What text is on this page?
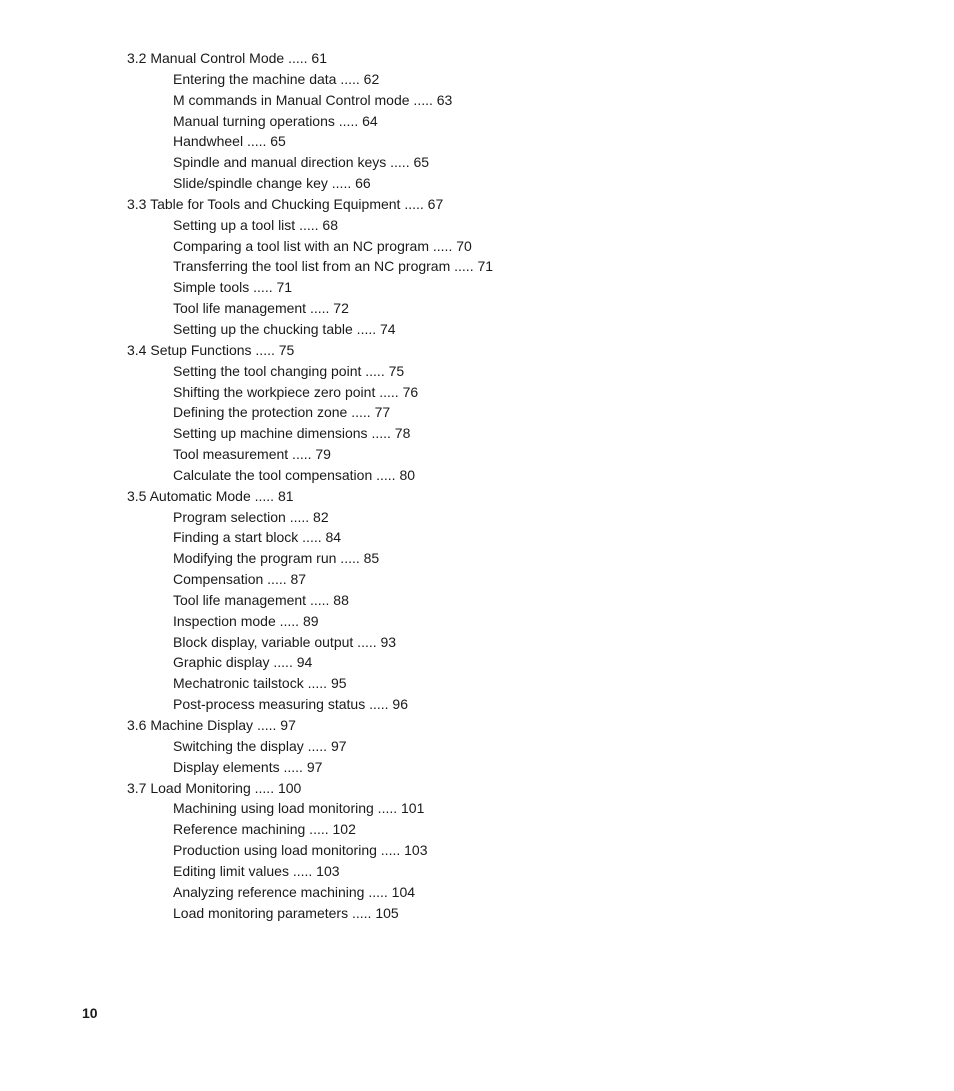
3.2 Manual Control Mode ..... 61
Entering the machine data ..... 62
M commands in Manual Control mode ..... 63
Manual turning operations ..... 64
Handwheel ..... 65
Spindle and manual direction keys ..... 65
Slide/spindle change key ..... 66
3.3 Table for Tools and Chucking Equipment ..... 67
Setting up a tool list ..... 68
Comparing a tool list with an NC program ..... 70
Transferring the tool list from an NC program ..... 71
Simple tools ..... 71
Tool life management ..... 72
Setting up the chucking table ..... 74
3.4 Setup Functions ..... 75
Setting the tool changing point ..... 75
Shifting the workpiece zero point ..... 76
Defining the protection zone ..... 77
Setting up machine dimensions ..... 78
Tool measurement ..... 79
Calculate the tool compensation ..... 80
3.5 Automatic Mode ..... 81
Program selection ..... 82
Finding a start block ..... 84
Modifying the program run ..... 85
Compensation ..... 87
Tool life management ..... 88
Inspection mode ..... 89
Block display, variable output ..... 93
Graphic display ..... 94
Mechatronic tailstock ..... 95
Post-process measuring status ..... 96
3.6 Machine Display ..... 97
Switching the display ..... 97
Display elements ..... 97
3.7 Load Monitoring ..... 100
Machining using load monitoring ..... 101
Reference machining ..... 102
Production using load monitoring ..... 103
Editing limit values ..... 103
Analyzing reference machining ..... 104
Load monitoring parameters ..... 105
10
